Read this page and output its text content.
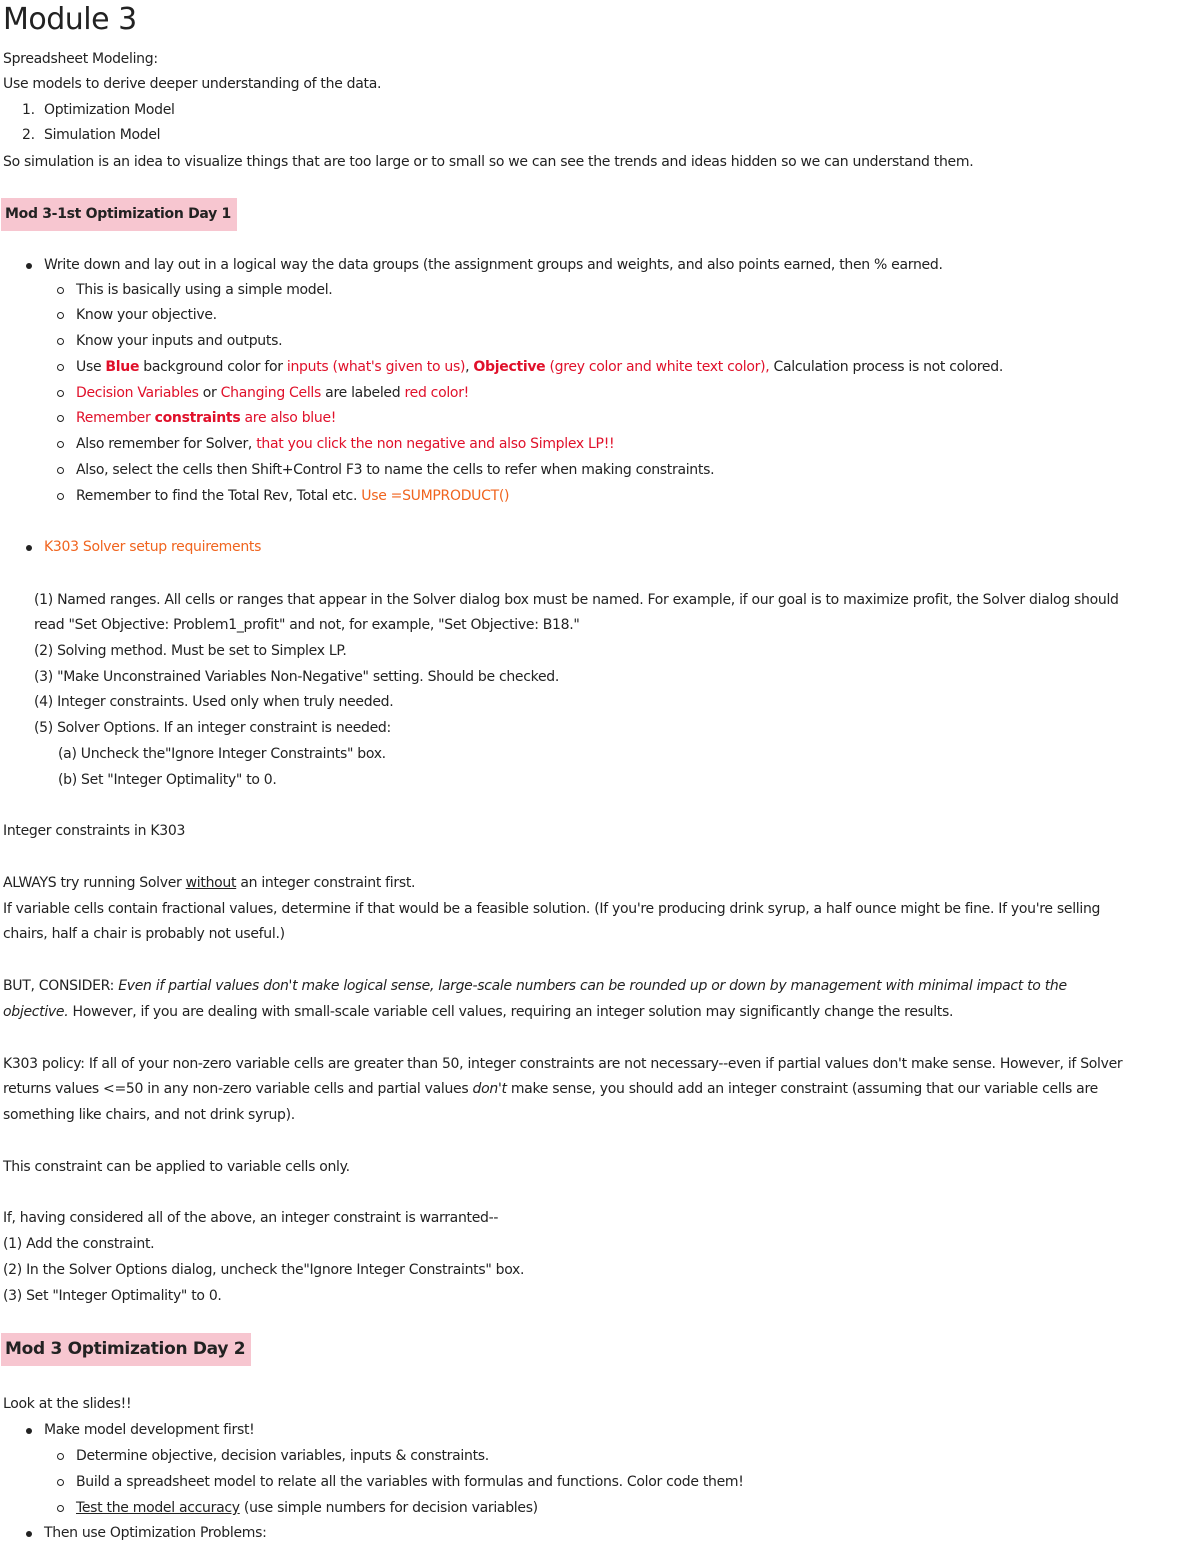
Module 3
Spreadsheet Modeling:
Use models to derive deeper understanding of the data.
1. Optimization Model
2. Simulation Model
So simulation is an idea to visualize things that are too large or to small so we can see the trends and ideas hidden so we can understand them.
Mod 3-1st Optimization Day 1
Write down and lay out in a logical way the data groups (the assignment groups and weights, and also points earned, then % earned.
This is basically using a simple model.
Know your objective.
Know your inputs and outputs.
Use Blue background color for inputs (what's given to us), Objective (grey color and white text color), Calculation process is not colored.
Decision Variables or Changing Cells are labeled red color!
Remember constraints are also blue!
Also remember for Solver, that you click the non negative and also Simplex LP!!
Also, select the cells then Shift+Control F3 to name the cells to refer when making constraints.
Remember to find the Total Rev, Total etc. Use =SUMPRODUCT()
K303 Solver setup requirements
(1) Named ranges. All cells or ranges that appear in the Solver dialog box must be named. For example, if our goal is to maximize profit, the Solver dialog should
read "Set Objective: Problem1_profit" and not, for example, "Set Objective: B18."
(2) Solving method. Must be set to Simplex LP.
(3) "Make Unconstrained Variables Non-Negative" setting. Should be checked.
(4) Integer constraints. Used only when truly needed.
(5) Solver Options. If an integer constraint is needed:
(a) Uncheck the"Ignore Integer Constraints" box.
(b) Set "Integer Optimality" to 0.
Integer constraints in K303
ALWAYS try running Solver without an integer constraint first.
If variable cells contain fractional values, determine if that would be a feasible solution. (If you're producing drink syrup, a half ounce might be fine. If you're selling
chairs, half a chair is probably not useful.)
BUT, CONSIDER: Even if partial values don't make logical sense, large-scale numbers can be rounded up or down by management with minimal impact to the
objective. However, if you are dealing with small-scale variable cell values, requiring an integer solution may significantly change the results.
K303 policy: If all of your non-zero variable cells are greater than 50, integer constraints are not necessary--even if partial values don't make sense. However, if Solver
returns values <=50 in any non-zero variable cells and partial values don't make sense, you should add an integer constraint (assuming that our variable cells are
something like chairs, and not drink syrup).
This constraint can be applied to variable cells only.
If, having considered all of the above, an integer constraint is warranted--
(1) Add the constraint.
(2) In the Solver Options dialog, uncheck the"Ignore Integer Constraints" box.
(3) Set "Integer Optimality" to 0.
Mod 3 Optimization Day 2
Look at the slides!!
Make model development first!
Determine objective, decision variables, inputs & constraints.
Build a spreadsheet model to relate all the variables with formulas and functions. Color code them!
Test the model accuracy (use simple numbers for decision variables)
Then use Optimization Problems:
